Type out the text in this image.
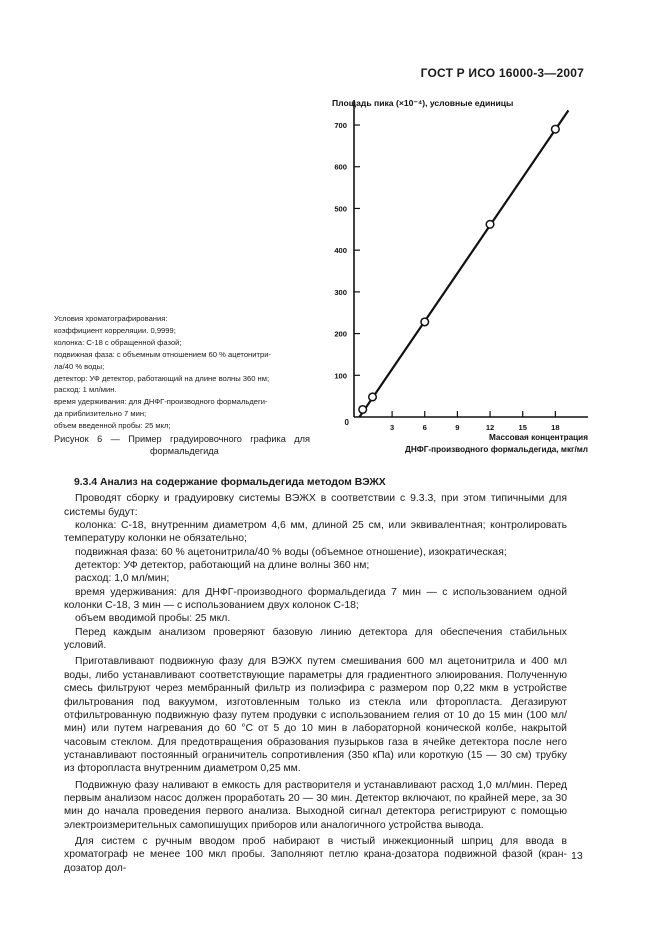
ГОСТ Р ИСО 16000-3—2007
100
200
300
400
500
600
700
3	6	9	12	15	18
Площадь пика (×10⁻⁴), условные единицы
Массовая концентрация
ДНФГ-производного формальдегида, мкг/мл
0
Условия хроматографирования:
коэффициент корреляции. 0,9999;
колонка: С-18 с обращенной фазой;
подвижная фаза: с объемным отношением 60 % ацетонитри-
ла/40 % воды;
детектор: УФ детектор, работающий на длине волны 360 нм;
расход: 1 мл/мин.
время удерживания: для ДНФГ-производного формальдеги-
да приблизительно 7 мин;
объем введенной пробы: 25 мкл;
Рисунок 6 — Пример градуировочного графика для
формальдегида

9.3.4 Анализ на содержание формальдегида методом ВЭЖХ

Проводят сборку и градуировку системы ВЭЖХ в соответствии с 9.3.3, при этом типичными для системы будут:

колонка: С-18, внутренним диаметром 4,6 мм, длиной 25 см, или эквивалентная; контролировать температуру колонки не обязательно;

подвижная фаза: 60 % ацетонитрила/40 % воды (объемное отношение), изократическая;

детектор: УФ детектор, работающий на длине волны 360 нм;

расход: 1,0 мл/мин;

время удерживания: для ДНФГ-производного формальдегида 7 мин — с использованием одной колонки С-18, 3 мин — с использованием двух колонок С-18;

объем вводимой пробы: 25 мкл.

Перед каждым анализом проверяют базовую линию детектора для обеспечения стабильных условий.

Приготавливают подвижную фазу для ВЭЖХ путем смешивания 600 мл ацетонитрила и 400 мл воды, либо устанавливают соответствующие параметры для градиентного элюирования. Полученную смесь фильтруют через мембранный фильтр из полиэфира с размером пор 0,22 мкм в устройстве фильтрования под вакуумом, изготовленным только из стекла или фторопласта. Дегазируют отфильтрованную подвижную фазу путем продувки с использованием гелия от 10 до 15 мин (100 мл/мин) или путем нагревания до 60 °С от 5 до 10 мин в лабораторной конической колбе, накрытой часовым стеклом. Для предотвращения образования пузырьков газа в ячейке детектора после него устанавливают постоянный ограничитель сопротивления (350 кПа) или короткую (15 — 30 см) трубку из фторопласта внутренним диаметром 0,25 мм.

Подвижную фазу наливают в емкость для растворителя и устанавливают расход 1,0 мл/мин. Перед первым анализом насос должен проработать 20 — 30 мин. Детектор включают, по крайней мере, за 30 мин до начала проведения первого анализа. Выходной сигнал детектора регистрируют с помощью электроизмерительных самопишущих приборов или аналогичного устройства вывода.

Для систем с ручным вводом проб набирают в чистый инжекционный шприц для ввода в хроматограф не менее 100 мкл пробы. Заполняют петлю крана-дозатора подвижной фазой (кран-дозатор дол-

13
